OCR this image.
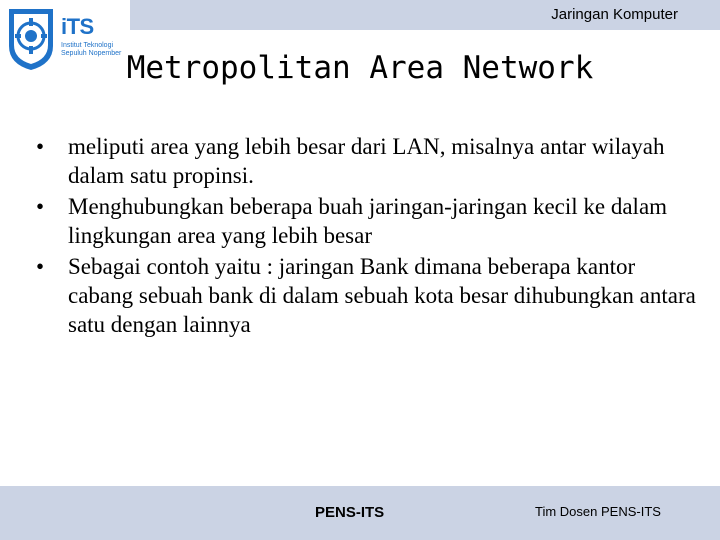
Jaringan Komputer
iTS
Institut Teknologi Sepuluh Nopember Metropolitan Area Network
•	meliputi area yang lebih besar dari LAN, misalnya antar wilayah dalam satu propinsi.
•	Menghubungkan beberapa buah jaringan-jaringan kecil ke dalam lingkungan area yang lebih besar
•	Sebagai contoh yaitu : jaringan Bank dimana beberapa kantor cabang sebuah bank di dalam sebuah kota besar dihubungkan antara satu dengan lainnya
PENS-ITS	Tim Dosen PENS-ITS
